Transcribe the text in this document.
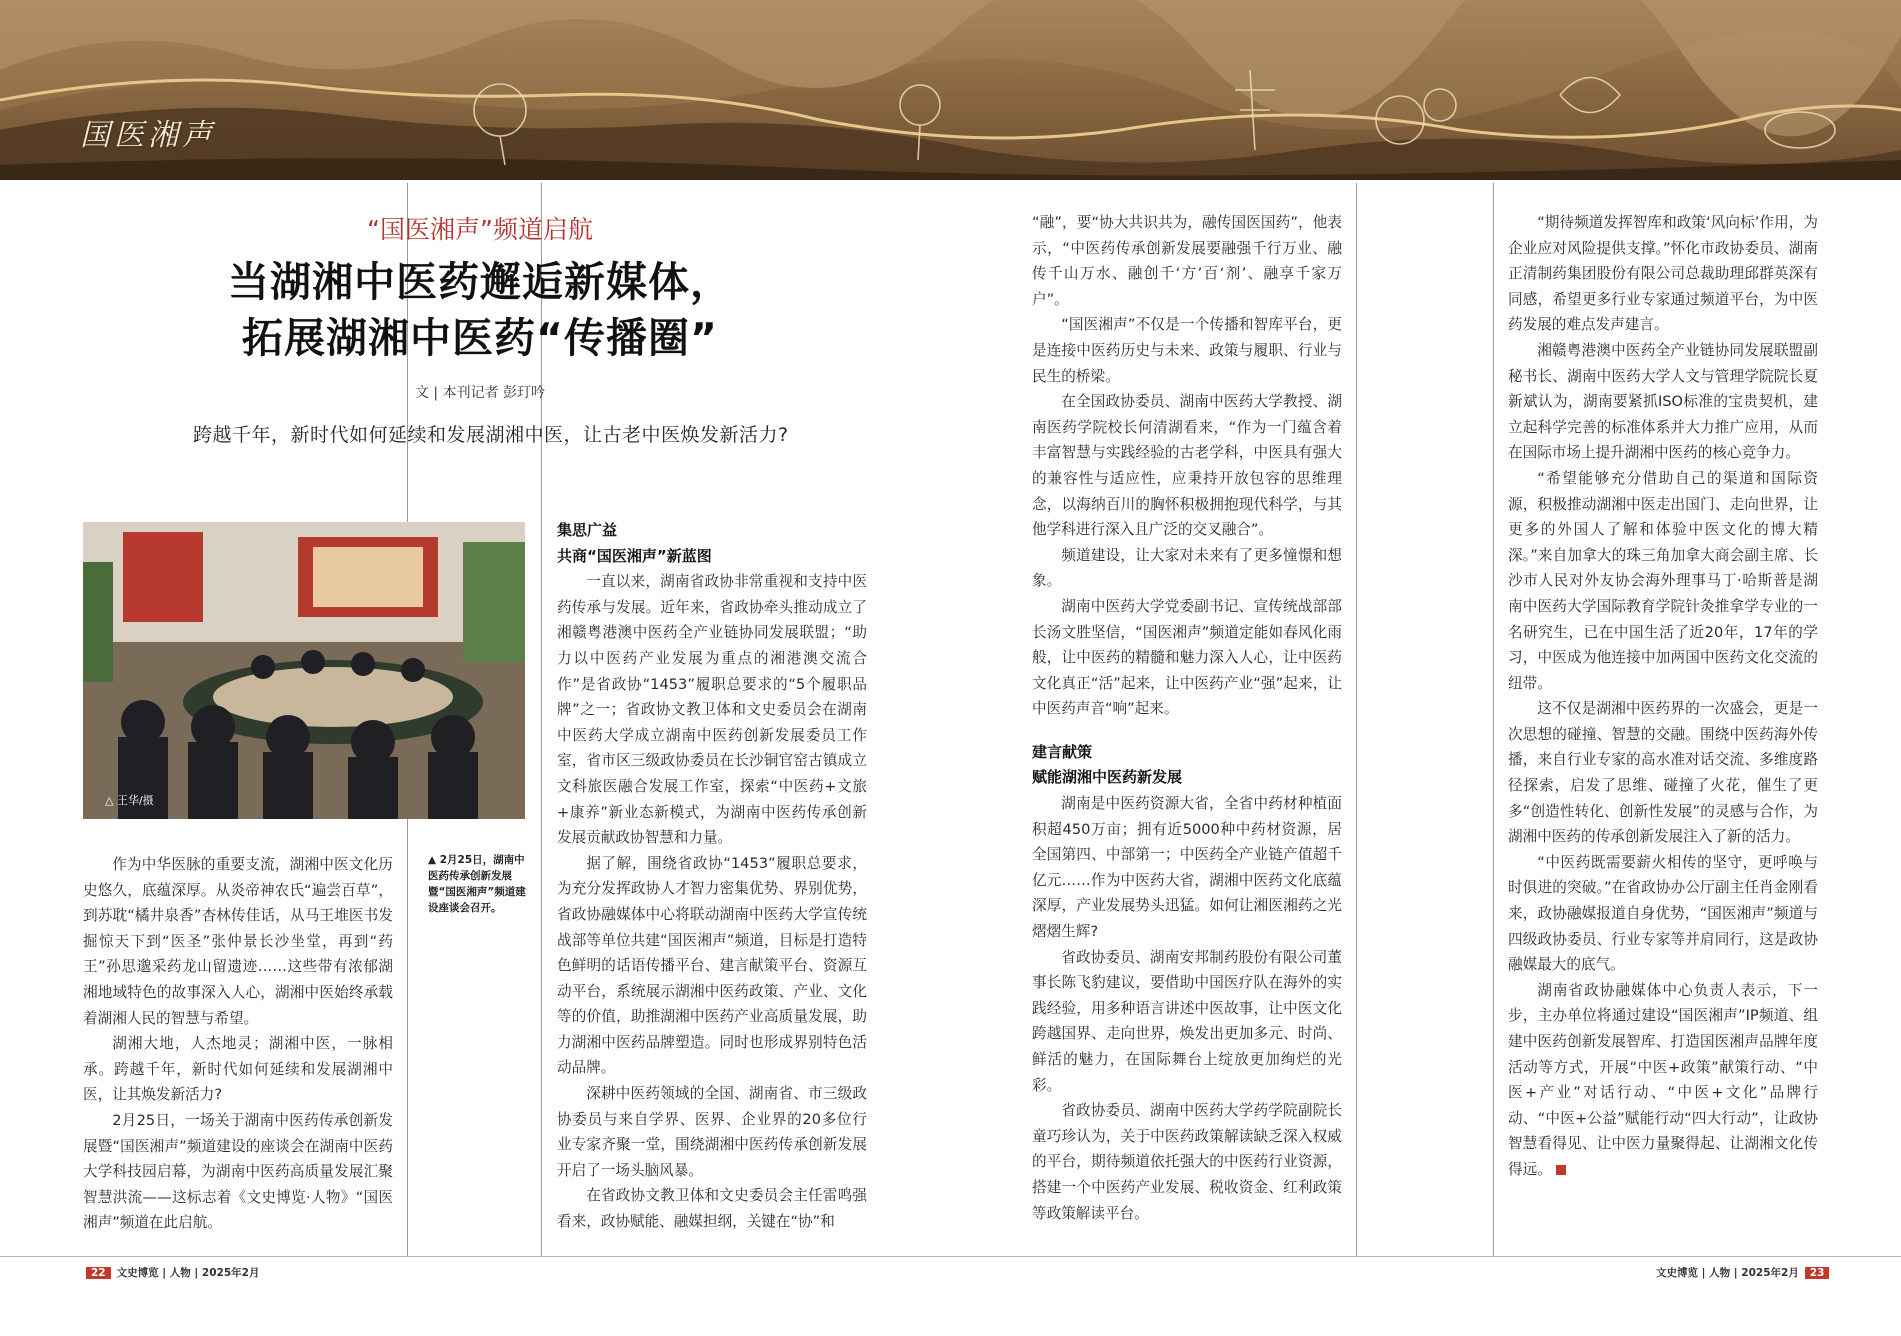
国医湘声
“国医湘声”频道启航
当湖湘中医药邂逅新媒体，
拓展湖湘中医药“传播圈”
文 | 本刊记者 彭玎吟
跨越千年，新时代如何延续和发展湖湘中医，让古老中医焕发新活力?
△ 王华/摄
▲ 2月25日，湖南中医药传承创新发展暨“国医湘声”频道建设座谈会召开。

作为中华医脉的重要支流，湖湘中医文化历史悠久，底蕴深厚。从炎帝神农氏“遍尝百草”，到苏耽“橘井泉香”杏林传佳话，从马王堆医书发掘惊天下到“医圣”张仲景长沙坐堂，再到“药王”孙思邈采药龙山留遗迹……这些带有浓郁湖湘地域特色的故事深入人心，湖湘中医始终承载着湖湘人民的智慧与希望。

湖湘大地，人杰地灵；湖湘中医，一脉相承。跨越千年，新时代如何延续和发展湖湘中医，让其焕发新活力?

2月25日，一场关于湖南中医药传承创新发展暨“国医湘声”频道建设的座谈会在湖南中医药大学科技园启幕，为湖南中医药高质量发展汇聚智慧洪流——这标志着《文史博览·人物》“国医湘声”频道在此启航。

集思广益

共商“国医湘声”新蓝图

一直以来，湖南省政协非常重视和支持中医药传承与发展。近年来，省政协牵头推动成立了湘赣粤港澳中医药全产业链协同发展联盟；“助力以中医药产业发展为重点的湘港澳交流合作”是省政协“1453”履职总要求的“5个履职品牌”之一；省政协文教卫体和文史委员会在湖南中医药大学成立湖南中医药创新发展委员工作室，省市区三级政协委员在长沙铜官窑古镇成立文科旅医融合发展工作室，探索“中医药+文旅+康养”新业态新模式，为湖南中医药传承创新发展贡献政协智慧和力量。

据了解，围绕省政协“1453”履职总要求，为充分发挥政协人才智力密集优势、界别优势，省政协融媒体中心将联动湖南中医药大学宣传统战部等单位共建“国医湘声”频道，目标是打造特色鲜明的话语传播平台、建言献策平台、资源互动平台，系统展示湖湘中医药政策、产业、文化等的价值，助推湖湘中医药产业高质量发展，助力湖湘中医药品牌塑造。同时也形成界别特色活动品牌。

深耕中医药领域的全国、湖南省、市三级政协委员与来自学界、医界、企业界的20多位行业专家齐聚一堂，围绕湖湘中医药传承创新发展开启了一场头脑风暴。

在省政协文教卫体和文史委员会主任雷鸣强看来，政协赋能、融媒担纲，关键在“协”和

“融”，要“协大共识共为，融传国医国药”，他表示，“中医药传承创新发展要融强千行万业、融传千山万水、融创千‘方’百‘剂’、融享千家万户”。

“国医湘声”不仅是一个传播和智库平台，更是连接中医药历史与未来、政策与履职、行业与民生的桥梁。

在全国政协委员、湖南中医药大学教授、湖南医药学院校长何清湖看来，“作为一门蕴含着丰富智慧与实践经验的古老学科，中医具有强大的兼容性与适应性，应秉持开放包容的思维理念，以海纳百川的胸怀积极拥抱现代科学，与其他学科进行深入且广泛的交叉融合”。

频道建设，让大家对未来有了更多憧憬和想象。

湖南中医药大学党委副书记、宣传统战部部长汤文胜坚信，“国医湘声”频道定能如春风化雨般，让中医药的精髓和魅力深入人心，让中医药文化真正“活”起来，让中医药产业“强”起来，让中医药声音“响”起来。

建言献策

赋能湖湘中医药新发展

湖南是中医药资源大省，全省中药材种植面积超450万亩；拥有近5000种中药材资源，居全国第四、中部第一；中医药全产业链产值超千亿元……作为中医药大省，湖湘中医药文化底蕴深厚，产业发展势头迅猛。如何让湘医湘药之光熠熠生辉?

省政协委员、湖南安邦制药股份有限公司董事长陈飞豹建议，要借助中国医疗队在海外的实践经验，用多种语言讲述中医故事，让中医文化跨越国界、走向世界，焕发出更加多元、时尚、鲜活的魅力，在国际舞台上绽放更加绚烂的光彩。

省政协委员、湖南中医药大学药学院副院长童巧珍认为，关于中医药政策解读缺乏深入权威的平台，期待频道依托强大的中医药行业资源，搭建一个中医药产业发展、税收资金、红利政策等政策解读平台。

“期待频道发挥智库和政策‘风向标’作用，为企业应对风险提供支撑。”怀化市政协委员、湖南正清制药集团股份有限公司总裁助理邱群英深有同感，希望更多行业专家通过频道平台，为中医药发展的难点发声建言。

湘赣粤港澳中医药全产业链协同发展联盟副秘书长、湖南中医药大学人文与管理学院院长夏新斌认为，湖南要紧抓ISO标准的宝贵契机，建立起科学完善的标准体系并大力推广应用，从而在国际市场上提升湖湘中医药的核心竞争力。

“希望能够充分借助自己的渠道和国际资源，积极推动湖湘中医走出国门、走向世界，让更多的外国人了解和体验中医文化的博大精深。”来自加拿大的珠三角加拿大商会副主席、长沙市人民对外友协会海外理事马丁·哈斯普是湖南中医药大学国际教育学院针灸推拿学专业的一名研究生，已在中国生活了近20年，17年的学习，中医成为他连接中加两国中医药文化交流的纽带。

这不仅是湖湘中医药界的一次盛会，更是一次思想的碰撞、智慧的交融。围绕中医药海外传播，来自行业专家的高水准对话交流、多维度路径探索，启发了思维、碰撞了火花，催生了更多“创造性转化、创新性发展”的灵感与合作，为湖湘中医药的传承创新发展注入了新的活力。

“中医药既需要薪火相传的坚守，更呼唤与时俱进的突破。”在省政协办公厅副主任肖金刚看来，政协融媒报道自身优势，“国医湘声”频道与四级政协委员、行业专家等并肩同行，这是政协融媒最大的底气。

湖南省政协融媒体中心负责人表示，下一步，主办单位将通过建设“国医湘声”IP频道、组建中医药创新发展智库、打造国医湘声品牌年度活动等方式，开展“中医+政策”献策行动、“中医+产业”对话行动、“中医+文化”品牌行动、“中医+公益”赋能行动“四大行动”，让政协智慧看得见、让中医力量聚得起、让湖湘文化传得远。

22 文史博览 | 人物 | 2025年2月	文史博览 | 人物 | 2025年2月 23
